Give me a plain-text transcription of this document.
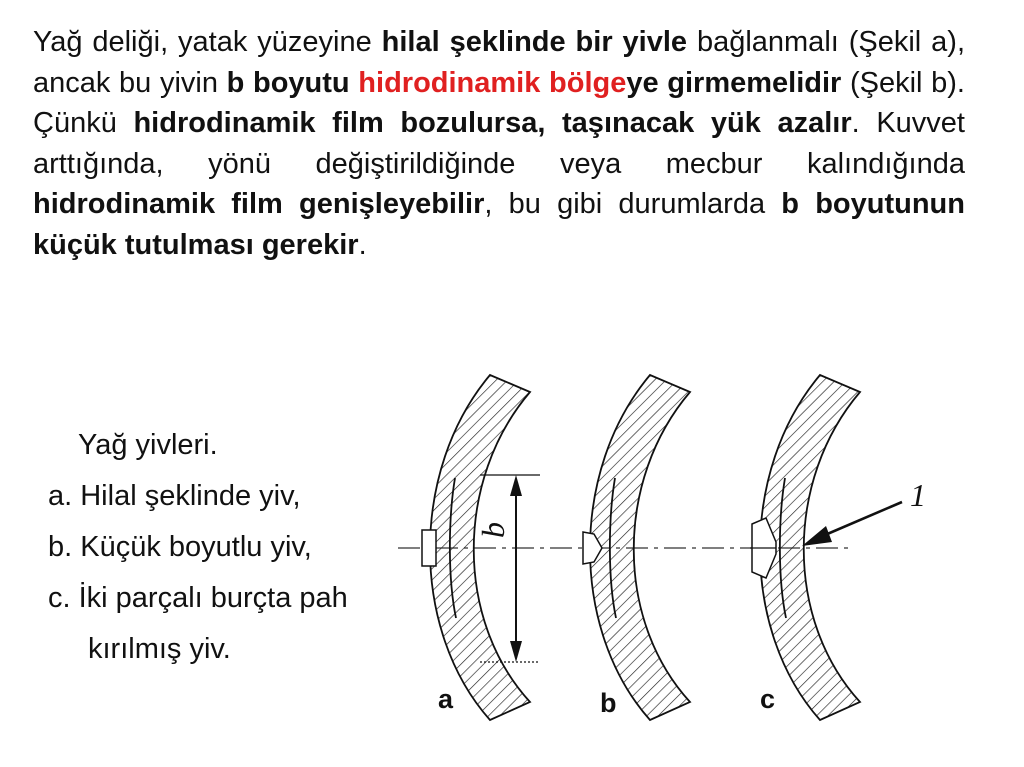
Yağ deliği, yatak yüzeyine hilal şeklinde bir yivle bağlanmalı (Şekil a), ancak bu yivin b boyutu hidrodinamik bölgeye girmemelidir (Şekil b). Çünkü hidrodinamik film bozulursa, taşınacak yük azalır. Kuvvet arttığında, yönü değiştirildiğinde veya mecbur kalındığında hidrodinamik film genişleyebilir, bu gibi durumlarda b boyutunun küçük tutulması gerekir.

Yağ yivleri.
a. Hilal şeklinde yiv,
b. Küçük boyutlu yiv,
c. İki parçalı burçta pah
kırılmış yiv.
a
b
b	c
1
